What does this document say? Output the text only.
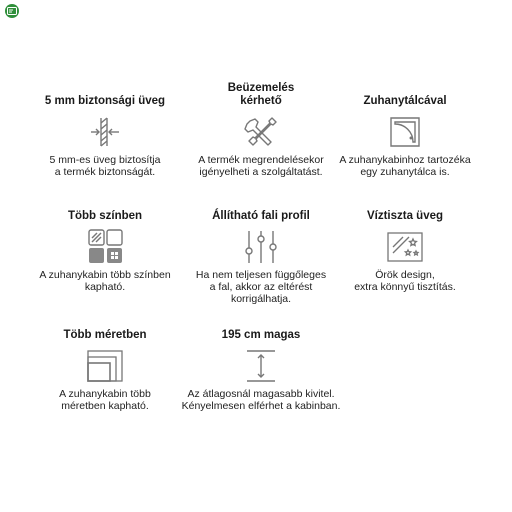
5 mm biztonsági üveg
5 mm-es üveg biztosítja
a termék biztonságát.
Beüzemelés
kérhető
A termék megrendelésekor
igényelheti a szolgáltatást.
Zuhanytálcával
A zuhanykabinhoz tartozéka
egy zuhanytálca is.
Több színben
A zuhanykabin több színben
kapható.
Állítható fali profil
Ha nem teljesen függőleges
a fal, akkor az eltérést
korrigálhatja.
Víztiszta üveg
Örök design,
extra könnyű tisztítás.
Több méretben
A zuhanykabin több
méretben kapható.
195 cm magas
Az átlagosnál magasabb kivitel.
Kényelmesen elférhet a kabinban.
